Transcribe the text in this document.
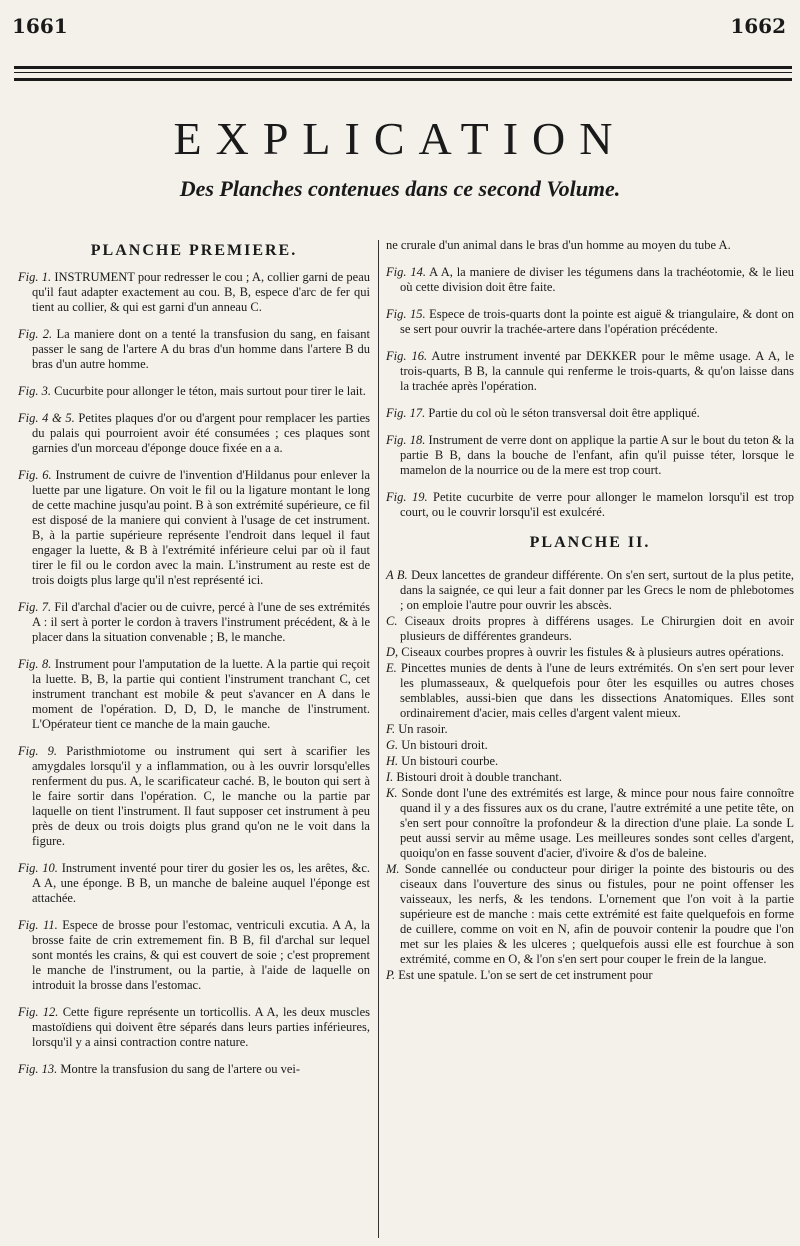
1661	1662
EXPLICATION
Des Planches contenues dans ce second Volume.
PLANCHE PREMIERE.

Fig. 1. INSTRUMENT pour redresser le cou ; A, collier garni de peau qu'il faut adapter exactement au cou. B, B, espece d'arc de fer qui tient au collier, & qui est garni d'un anneau C.

Fig. 2. La maniere dont on a tenté la transfusion du sang, en faisant passer le sang de l'artere A du bras d'un homme dans l'artere B du bras d'un autre homme.

Fig. 3. Cucurbite pour allonger le téton, mais surtout pour tirer le lait.

Fig. 4 & 5. Petites plaques d'or ou d'argent pour remplacer les parties du palais qui pourroient avoir été consumées ; ces plaques sont garnies d'un morceau d'éponge douce fixée en a a.

Fig. 6. Instrument de cuivre de l'invention d'Hildanus pour enlever la luette par une ligature. On voit le fil ou la ligature montant le long de cette machine jusqu'au point. B à son extrémité supérieure, ce fil est disposé de la maniere qui convient à l'usage de cet instrument. B, à la partie supérieure représente l'endroit dans lequel il faut engager la luette, & B à l'extrémité inférieure celui par où il faut tirer le fil ou le cordon avec la main. L'instrument au reste est de trois doigts plus large qu'il n'est représenté ici.

Fig. 7. Fil d'archal d'acier ou de cuivre, percé à l'une de ses extrémités A : il sert à porter le cordon à travers l'instrument précédent, & à le placer dans la situation convenable ; B, le manche.

Fig. 8. Instrument pour l'amputation de la luette. A la partie qui reçoit la luette. B, B, la partie qui contient l'instrument tranchant C, cet instrument tranchant est mobile & peut s'avancer en A dans le moment de l'opération. D, D, D, le manche de l'instrument. L'Opérateur tient ce manche de la main gauche.

Fig. 9. Paristhmiotome ou instrument qui sert à scarifier les amygdales lorsqu'il y a inflammation, ou à les ouvrir lorsqu'elles renferment du pus. A, le scarificateur caché. B, le bouton qui sert à le faire sortir dans l'opération. C, le manche ou la partie par laquelle on tient l'instrument. Il faut supposer cet instrument à peu près de deux ou trois doigts plus grand qu'on ne le voit dans la figure.

Fig. 10. Instrument inventé pour tirer du gosier les os, les arêtes, &c. A A, une éponge. B B, un manche de baleine auquel l'éponge est attachée.

Fig. 11. Espece de brosse pour l'estomac, ventriculi excutia. A A, la brosse faite de crin extremement fin. B B, fil d'archal sur lequel sont montés les crains, & qui est couvert de soie ; c'est proprement le manche de l'instrument, ou la partie, à l'aide de laquelle on introduit la brosse dans l'estomac.

Fig. 12. Cette figure représente un torticollis. A A, les deux muscles mastoïdiens qui doivent être séparés dans leurs parties inférieures, lorsqu'il y a ainsi contraction contre nature.

Fig. 13. Montre la transfusion du sang de l'artere ou vei-

ne crurale d'un animal dans le bras d'un homme au moyen du tube A.

Fig. 14. A A, la maniere de diviser les tégumens dans la trachéotomie, & le lieu où cette division doit être faite.

Fig. 15. Espece de trois-quarts dont la pointe est aiguë & triangulaire, & dont on se sert pour ouvrir la trachée-artere dans l'opération précédente.

Fig. 16. Autre instrument inventé par DEKKER pour le même usage. A A, le trois-quarts, B B, la cannule qui renferme le trois-quarts, & qu'on laisse dans la trachée après l'opération.

Fig. 17. Partie du col où le séton transversal doit être appliqué.

Fig. 18. Instrument de verre dont on applique la partie A sur le bout du teton & la partie B B, dans la bouche de l'enfant, afin qu'il puisse téter, lorsque le mamelon de la nourrice ou de la mere est trop court.

Fig. 19. Petite cucurbite de verre pour allonger le mamelon lorsqu'il est trop court, ou le couvrir lorsqu'il est exulcéré.

PLANCHE II.

A B. Deux lancettes de grandeur différente. On s'en sert, surtout de la plus petite, dans la saignée, ce qui leur a fait donner par les Grecs le nom de phlebotomes ; on emploie l'autre pour ouvrir les abscès.

C. Ciseaux droits propres à différens usages. Le Chirurgien doit en avoir plusieurs de différentes grandeurs.

D, Ciseaux courbes propres à ouvrir les fistules & à plusieurs autres opérations.

E. Pincettes munies de dents à l'une de leurs extrémités. On s'en sert pour lever les plumasseaux, & quelquefois pour ôter les esquilles ou autres choses semblables, aussi-bien que dans les dissections Anatomiques. Elles sont ordinairement d'acier, mais celles d'argent valent mieux.

F. Un rasoir.

G. Un bistouri droit.

H. Un bistouri courbe.

I. Bistouri droit à double tranchant.

K. Sonde dont l'une des extrémités est large, & mince pour nous faire connoître quand il y a des fissures aux os du crane, l'autre extrémité a une petite tête, on s'en sert pour connoître la profondeur & la direction d'une plaie. La sonde L peut aussi servir au même usage. Les meilleures sondes sont celles d'argent, quoiqu'on en fasse souvent d'acier, d'ivoire & d'os de baleine.

M. Sonde cannellée ou conducteur pour diriger la pointe des bistouris ou des ciseaux dans l'ouverture des sinus ou fistules, pour ne point offenser les vaisseaux, les nerfs, & les tendons. L'ornement que l'on voit à la partie supérieure est de manche : mais cette extrémité est faite quelquefois en forme de cuillere, comme on voit en N, afin de pouvoir contenir la poudre que l'on met sur les plaies & les ulceres ; quelquefois aussi elle est fourchue à son extrémité, comme en O, & l'on s'en sert pour couper le frein de la langue.

P. Est une spatule. L'on se sert de cet instrument pour
